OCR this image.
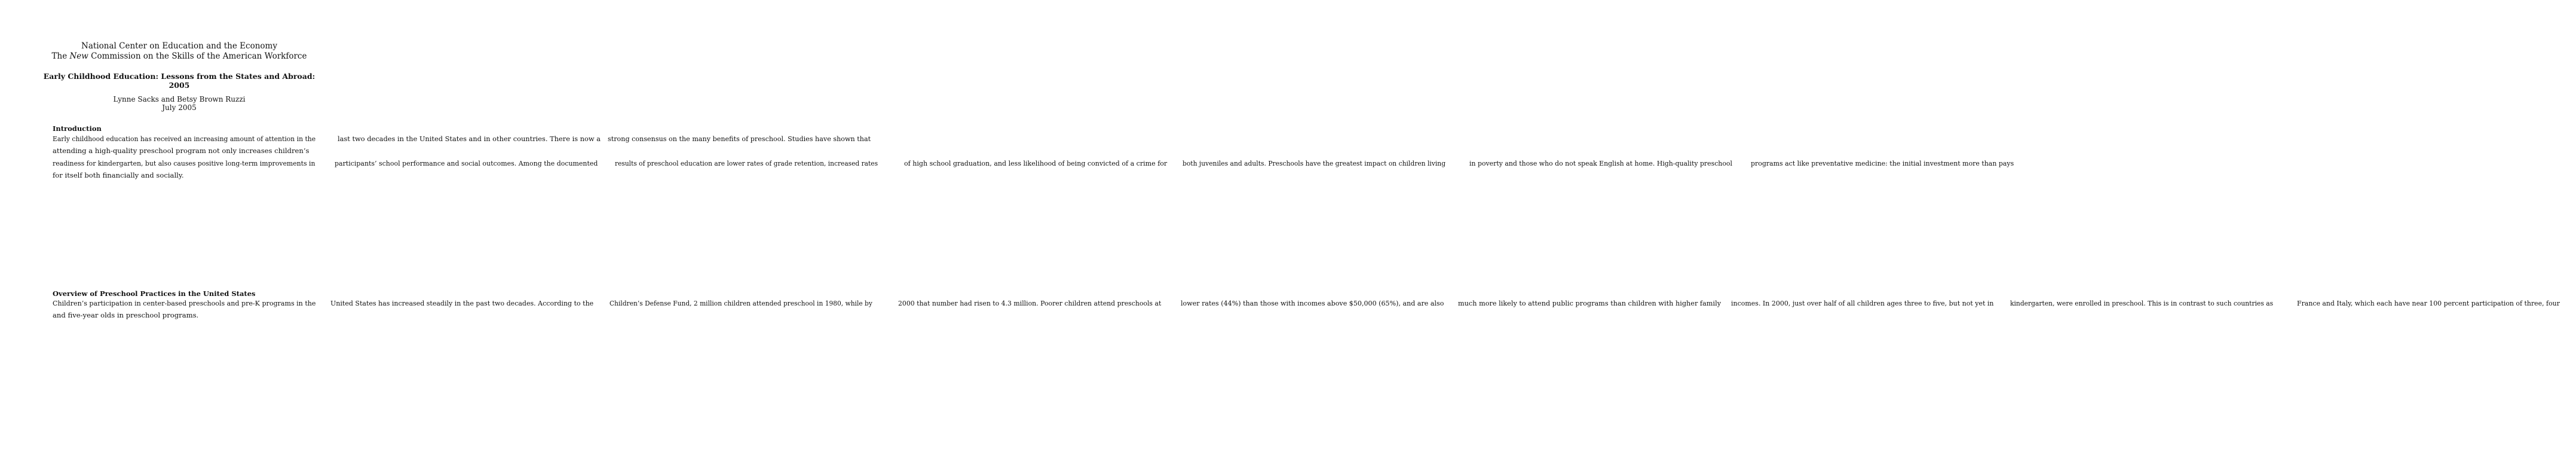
National Center on Education and the Economy
The New Commission on the Skills of the American Workforce
Early Childhood Education: Lessons from the States and Abroad:
2005
Lynne Sacks and Betsy Brown Ruzzi
July 2005
Introduction
Early childhood education has received an increasing amount of attention in the	last two decades in the United States and in other countries. There is now a strong consensus on the many benefits of preschool. Studies have shown that
attending a high-quality preschool program not only increases children’s
readiness for kindergarten, but also causes positive long-term improvements in	participants’ school performance and social outcomes. Among the documented results of preschool education are lower rates of grade retention, increased rates	of high school graduation, and less likelihood of being convicted of a crime for both juveniles and adults. Preschools have the greatest impact on children living	in poverty and those who do not speak English at home. High-quality preschool	programs act like preventative medicine: the initial investment more than pays
for itself both financially and socially.
Overview of Preschool Practices in the United States
Children’s participation in center-based preschools and pre-K programs in the United States has increased steadily in the past two decades. According to the Children’s Defense Fund, 2 million children attended preschool in 1980, while by	2000 that number had risen to 4.3 million. Poorer children attend preschools at	lower rates (44%) than those with incomes above $50,000 (65%), and are also much more likely to attend public programs than children with higher family incomes. In 2000, just over half of all children ages three to five, but not yet in kindergarten, were enrolled in preschool. This is in contrast to such countries as	France and Italy, which each have near 100 percent participation of three, four
and five-year olds in preschool programs.
